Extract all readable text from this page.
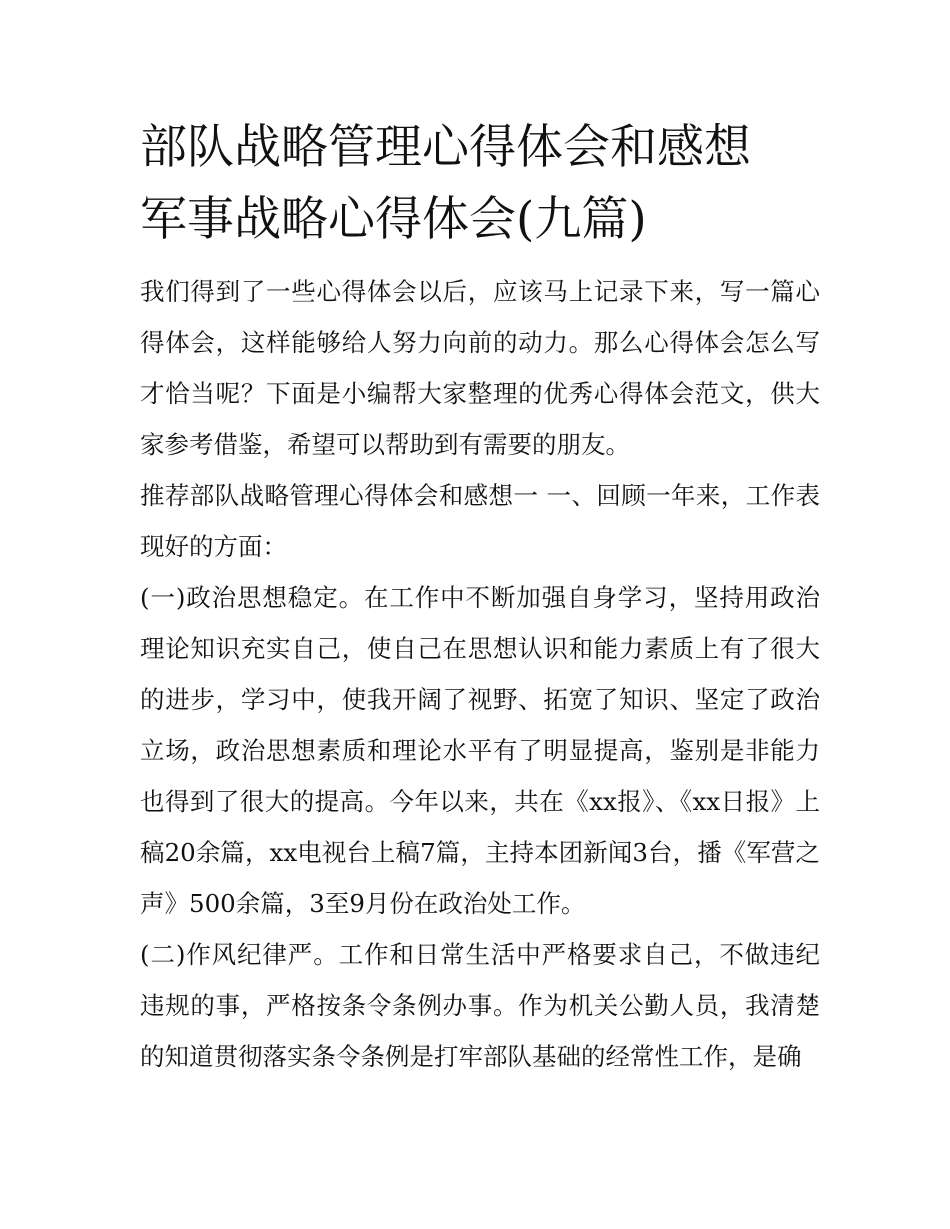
部队战略管理心得体会和感想
军事战略心得体会(九篇)

我们得到了一些心得体会以后，应该马上记录下来，写一篇心得体会，这样能够给人努力向前的动力。那么心得体会怎么写才恰当呢？下面是小编帮大家整理的优秀心得体会范文，供大家参考借鉴，希望可以帮助到有需要的朋友。

推荐部队战略管理心得体会和感想一 一、回顾一年来，工作表现好的方面：

(一)政治思想稳定。在工作中不断加强自身学习，坚持用政治理论知识充实自己，使自己在思想认识和能力素质上有了很大的进步，学习中，使我开阔了视野、拓宽了知识、坚定了政治立场，政治思想素质和理论水平有了明显提高，鉴别是非能力也得到了很大的提高。今年以来，共在《xx报》、《xx日报》上稿20余篇，xx电视台上稿7篇，主持本团新闻3台，播《军营之声》500余篇，3至9月份在政治处工作。

(二)作风纪律严。工作和日常生活中严格要求自己，不做违纪违规的事，严格按条令条例办事。作为机关公勤人员，我清楚的知道贯彻落实条令条例是打牢部队基础的经常性工作，是确
